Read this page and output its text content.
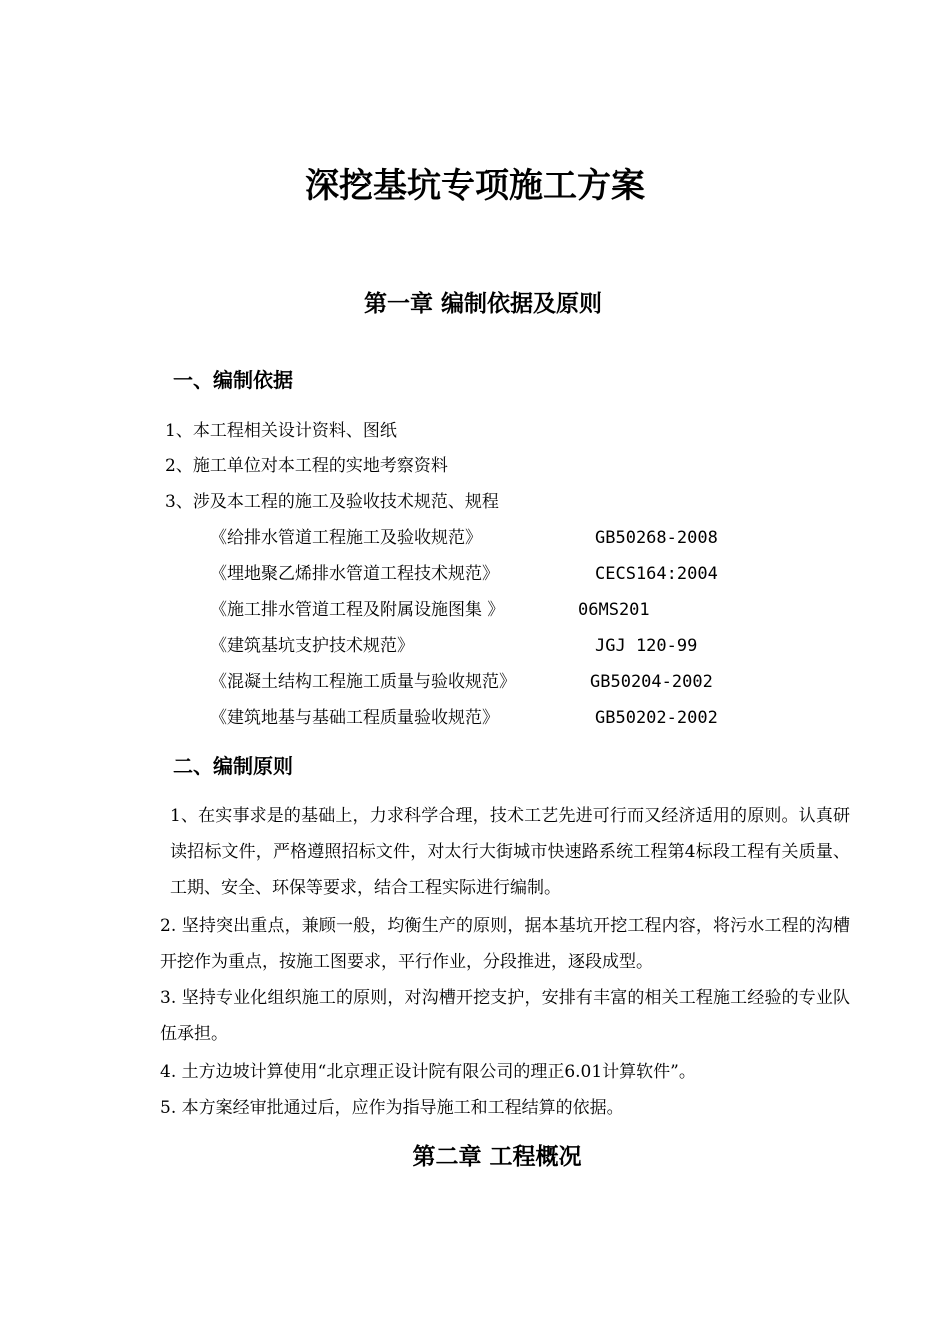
深挖基坑专项施工方案
第一章 编制依据及原则
一、编制依据
1、本工程相关设计资料、图纸
2、施工单位对本工程的实地考察资料
3、涉及本工程的施工及验收技术规范、规程
《给排水管道工程施工及验收规范》	GB50268-2008
《埋地聚乙烯排水管道工程技术规范》	CECS164:2004
《施工排水管道工程及附属设施图集 》	06MS201
《建筑基坑支护技术规范》	JGJ 120-99
《混凝土结构工程施工质量与验收规范》	GB50204-2002
《建筑地基与基础工程质量验收规范》	GB50202-2002
二、编制原则
1、在实事求是的基础上，力求科学合理，技术工艺先进可行而又经济适用的原则。认真研读招标文件，严格遵照招标文件，对太行大街城市快速路系统工程第4标段工程有关质量、工期、安全、环保等要求，结合工程实际进行编制。
2. 坚持突出重点，兼顾一般，均衡生产的原则，据本基坑开挖工程内容，将污水工程的沟槽开挖作为重点，按施工图要求，平行作业，分段推进，逐段成型。
3. 坚持专业化组织施工的原则，对沟槽开挖支护，安排有丰富的相关工程施工经验的专业队伍承担。
4. 土方边坡计算使用“北京理正设计院有限公司的理正6.01计算软件”。
5. 本方案经审批通过后，应作为指导施工和工程结算的依据。
第二章 工程概况
